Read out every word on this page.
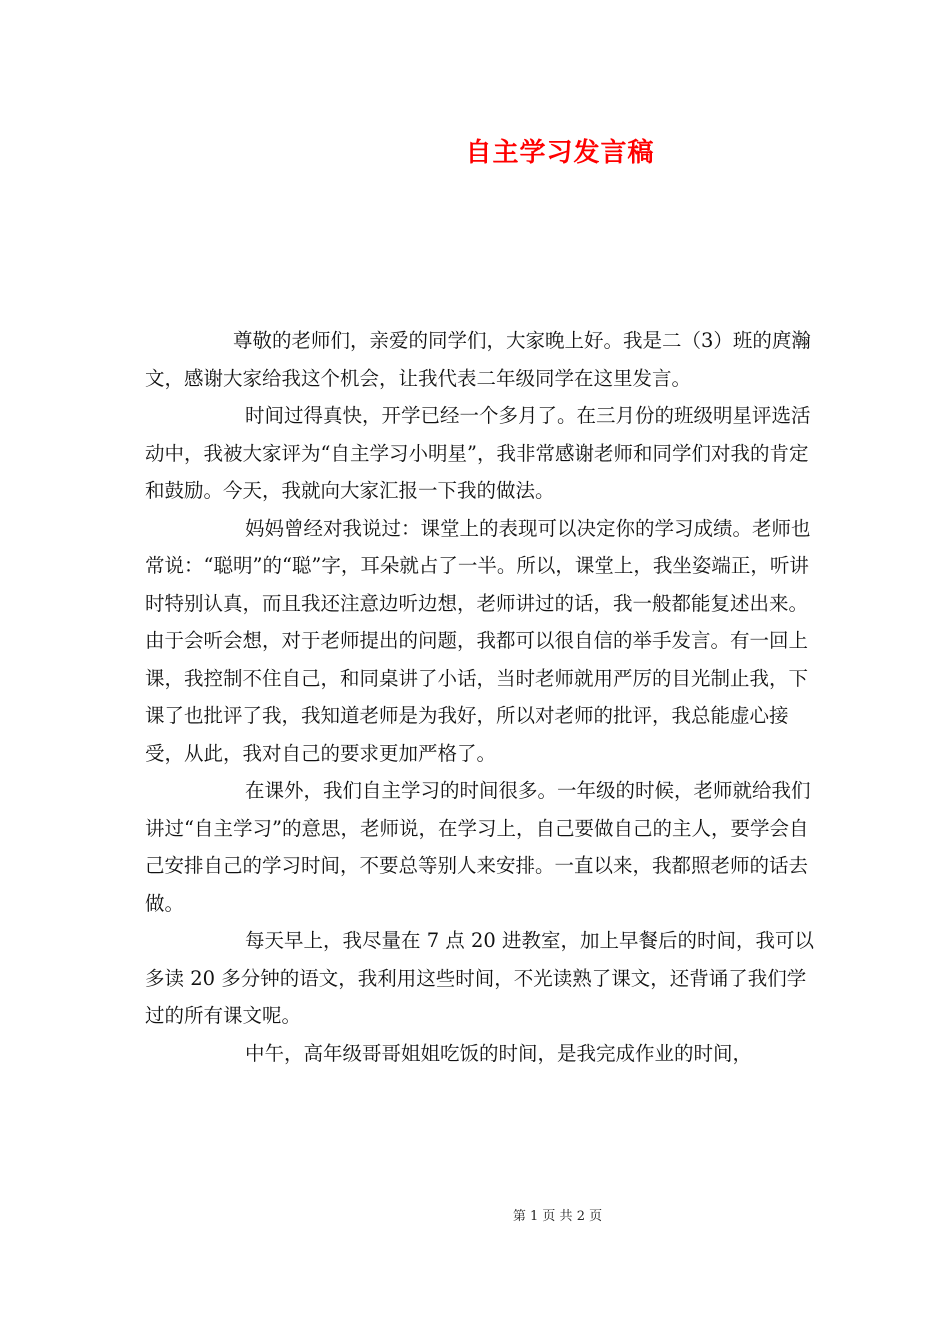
自主学习发言稿

尊敬的老师们，亲爱的同学们，大家晚上好。我是二（3）班的庹瀚文，感谢大家给我这个机会，让我代表二年级同学在这里发言。

时间过得真快，开学已经一个多月了。在三月份的班级明星评选活动中，我被大家评为“自主学习小明星”，我非常感谢老师和同学们对我的肯定和鼓励。今天，我就向大家汇报一下我的做法。

妈妈曾经对我说过：课堂上的表现可以决定你的学习成绩。老师也常说：“聪明”的“聪”字，耳朵就占了一半。所以，课堂上，我坐姿端正，听讲时特别认真，而且我还注意边听边想，老师讲过的话，我一般都能复述出来。由于会听会想，对于老师提出的问题，我都可以很自信的举手发言。有一回上课，我控制不住自己，和同桌讲了小话，当时老师就用严厉的目光制止我，下课了也批评了我，我知道老师是为我好，所以对老师的批评，我总能虚心接受，从此，我对自己的要求更加严格了。

在课外，我们自主学习的时间很多。一年级的时候，老师就给我们讲过“自主学习”的意思，老师说，在学习上，自己要做自己的主人，要学会自己安排自己的学习时间，不要总等别人来安排。一直以来，我都照老师的话去做。

每天早上，我尽量在 7 点 20 进教室，加上早餐后的时间，我可以多读 20 多分钟的语文，我利用这些时间，不光读熟了课文，还背诵了我们学过的所有课文呢。

中午，高年级哥哥姐姐吃饭的时间，是我完成作业的时间，

第 1 页 共 2 页
